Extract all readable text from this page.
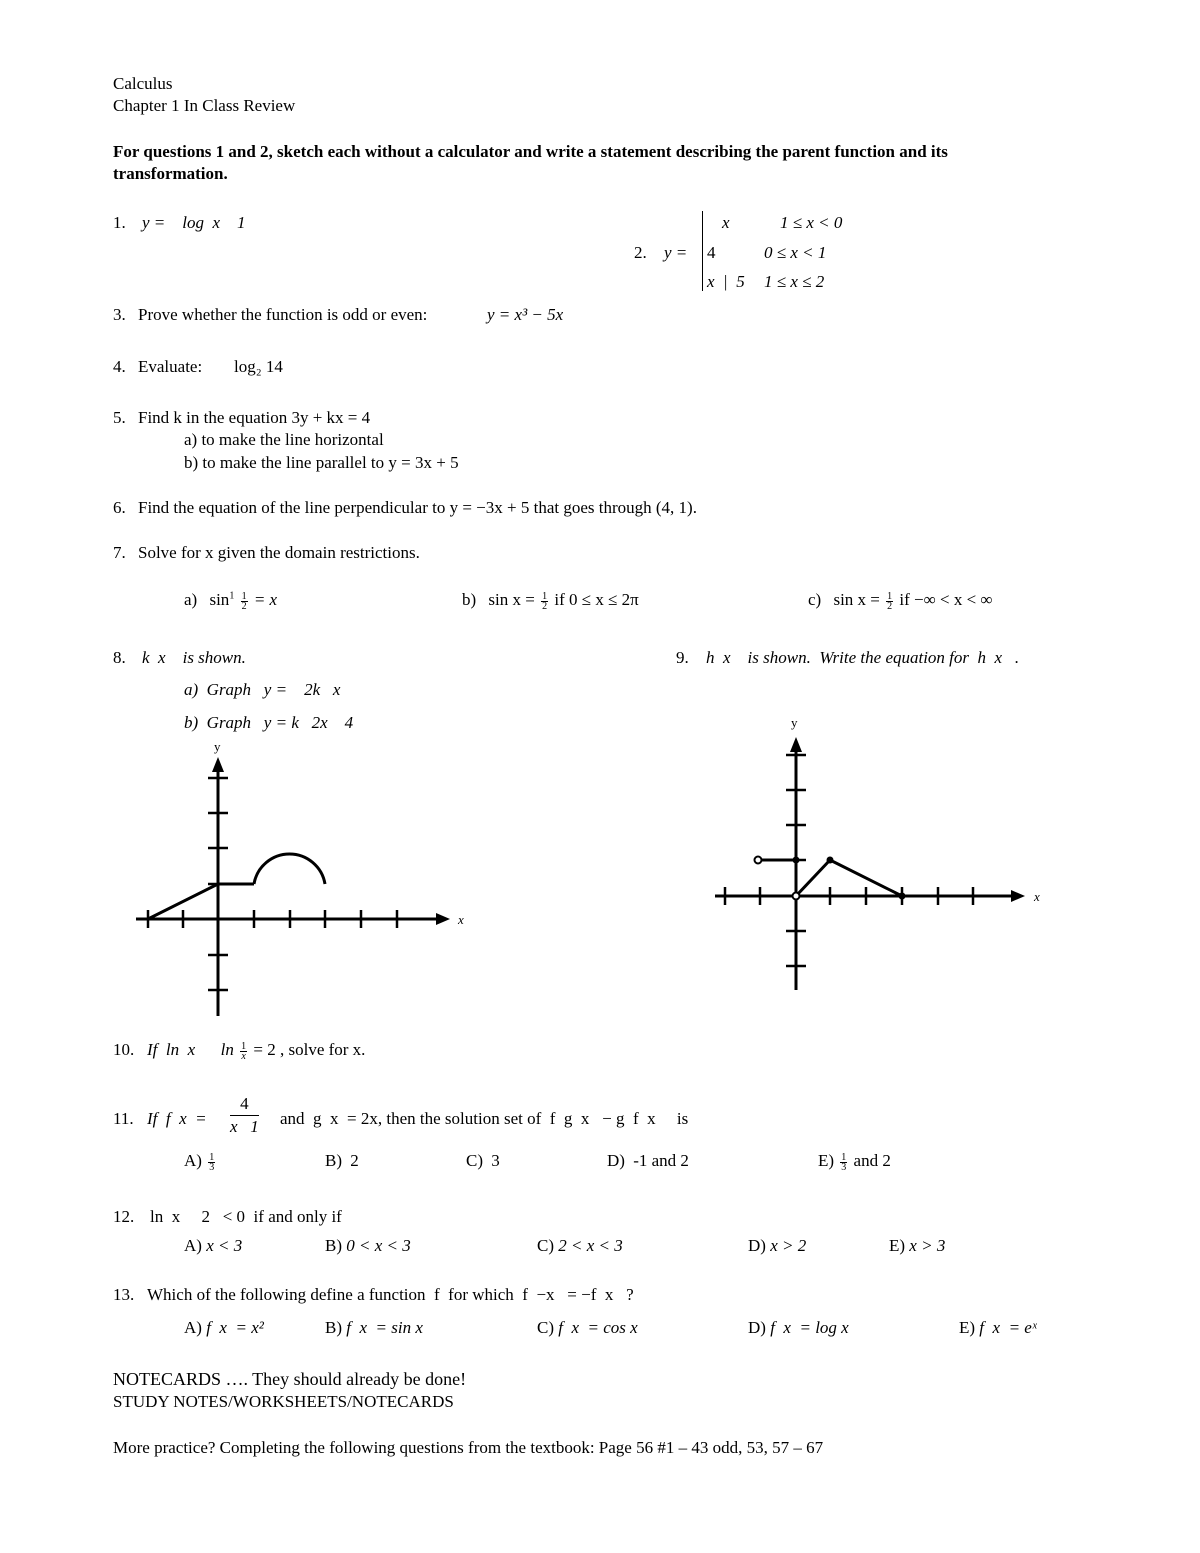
Calculus
Chapter 1 In Class Review
For questions 1 and 2, sketch each without a calculator and write a statement describing the parent function and its
transformation.
1. y =    log  x    1
2. y =
x	1 ≤ x < 0
4	0 ≤ x < 1
x  |  5 1 ≤ x ≤ 2
3. Prove whether the function is odd or even:	y = x³ − 5x
4. Evaluate: log₂ 14
5. Find k in the equation 3y + kx = 4
a) to make the line horizontal
b) to make the line parallel to y = 3x + 5
6. Find the equation of the line perpendicular to y = −3x + 5 that goes through (4, 1).
7. Solve for x given the domain restrictions.
a) $\sin^1 \frac{1}{2} = x$	b) $\sin x = \frac{1}{2}$ if 0 ≤ x ≤ 2π	c) $\sin x = \frac{1}{2}$ if −∞ < x < ∞
8. k  x    is shown.
a)  Graph   y =    2k   x
b)  Graph   y = k   2x    4
y
x
9. h  x    is shown.  Write the equation for  h  x   .
y
x
10. If  ln  x      $\ln \frac{1}{x} = 2$ , solve for x.
11. If  f  $x = \frac{4}{x 1}$ and  g  x  = 2x, then the solution set of  f  g  x   − g  f  x     is
$A) \frac{1}{3}$	B) 2	C) 3	D) -1 and 2	$E) \frac{1}{3}$ and 2
12. ln  x     2   < 0  if and only if
A) x < 3	B) 0 < x < 3	C) 2 < x < 3	D) x > 2	E) x > 3
13. Which of the following define a function  f  for which  f  −x   = −f  x   ?
A) f  x  = x²	B) f  x  = sin x	C) f  x  = cos x	D) f  x  = log x	E) f  x  = eˣ
NOTECARDS …. They should already be done!
STUDY NOTES/WORKSHEETS/NOTECARDS
More practice? Completing the following questions from the textbook: Page 56 #1 – 43 odd, 53, 57 – 67
